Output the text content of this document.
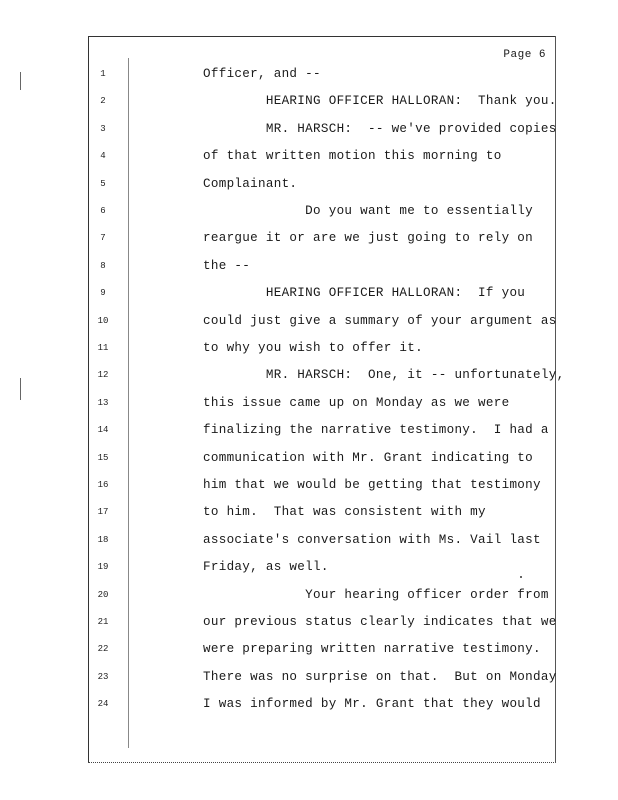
Page 6
1	Officer, and --
2	HEARING OFFICER HALLORAN:  Thank you.
3	MR. HARSCH:  -- we've provided copies
4	of that written motion this morning to
5	Complainant.
6	Do you want me to essentially
7	reargue it or are we just going to rely on
8	the --
9	HEARING OFFICER HALLORAN:  If you
10	could just give a summary of your argument as
11	to why you wish to offer it.
12	MR. HARSCH:  One, it -- unfortunately,
13	this issue came up on Monday as we were
14	finalizing the narrative testimony.  I had a
15	communication with Mr. Grant indicating to
16	him that we would be getting that testimony
17	to him.  That was consistent with my
18	associate's conversation with Ms. Vail last
19	Friday, as well.
20	Your hearing officer order from
21	our previous status clearly indicates that we
22	were preparing written narrative testimony.
23	There was no surprise on that.  But on Monday
24	I was informed by Mr. Grant that they would
